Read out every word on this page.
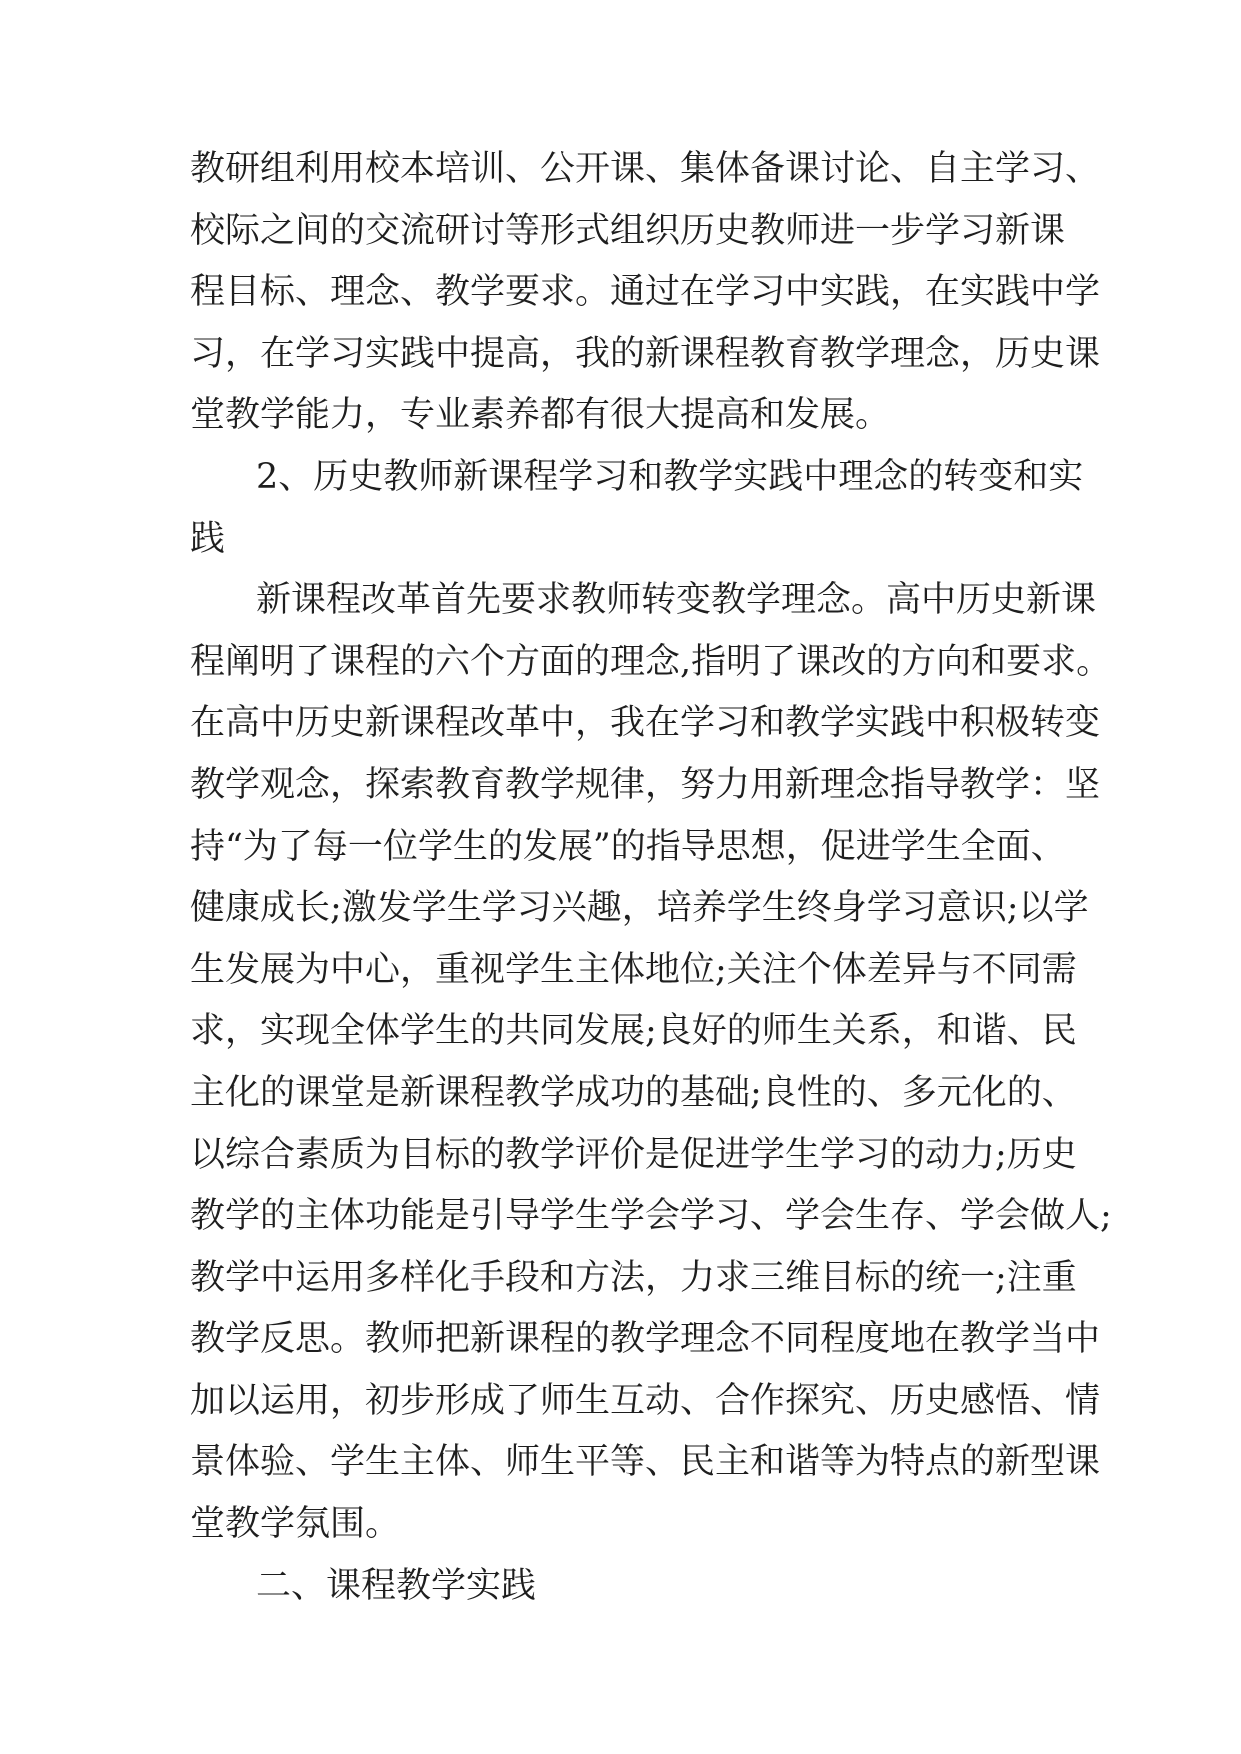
教研组利用校本培训、公开课、集体备课讨论、自主学习、
校际之间的交流研讨等形式组织历史教师进一步学习新课
程目标、理念、教学要求。通过在学习中实践，在实践中学
习，在学习实践中提高，我的新课程教育教学理念，历史课
堂教学能力，专业素养都有很大提高和发展。
2、历史教师新课程学习和教学实践中理念的转变和实
践
新课程改革首先要求教师转变教学理念。高中历史新课
程阐明了课程的六个方面的理念,指明了课改的方向和要求。
在高中历史新课程改革中，我在学习和教学实践中积极转变
教学观念，探索教育教学规律，努力用新理念指导教学：坚
持“为了每一位学生的发展”的指导思想，促进学生全面、
健康成长;激发学生学习兴趣，培养学生终身学习意识;以学
生发展为中心，重视学生主体地位;关注个体差异与不同需
求，实现全体学生的共同发展;良好的师生关系，和谐、民
主化的课堂是新课程教学成功的基础;良性的、多元化的、
以综合素质为目标的教学评价是促进学生学习的动力;历史
教学的主体功能是引导学生学会学习、学会生存、学会做人;
教学中运用多样化手段和方法，力求三维目标的统一;注重
教学反思。教师把新课程的教学理念不同程度地在教学当中
加以运用，初步形成了师生互动、合作探究、历史感悟、情
景体验、学生主体、师生平等、民主和谐等为特点的新型课
堂教学氛围。
二、课程教学实践
